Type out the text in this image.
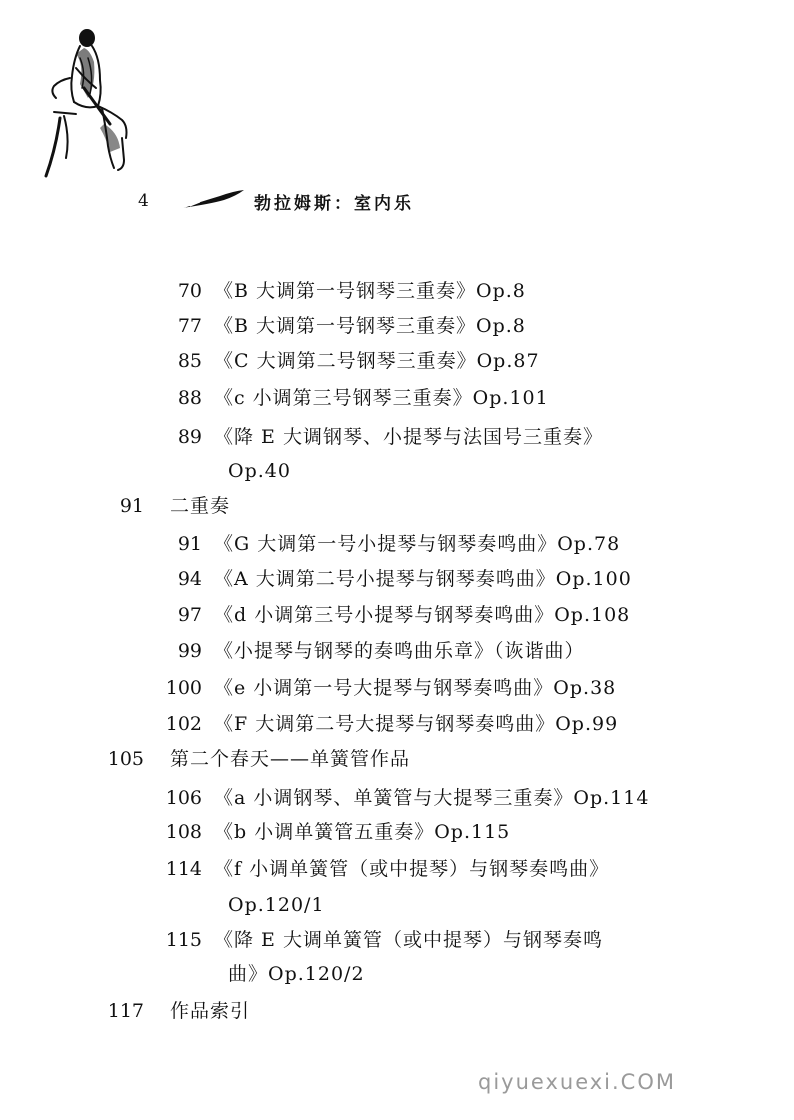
4	勃拉姆斯：室内乐
70 《B 大调第一号钢琴三重奏》Op.8
77 《B 大调第一号钢琴三重奏》Op.8
85 《C 大调第二号钢琴三重奏》Op.87
88 《c 小调第三号钢琴三重奏》Op.101
89 《降 E 大调钢琴、小提琴与法国号三重奏》
Op.40
91 二重奏
91 《G 大调第一号小提琴与钢琴奏鸣曲》Op.78
94 《A 大调第二号小提琴与钢琴奏鸣曲》Op.100
97 《d 小调第三号小提琴与钢琴奏鸣曲》Op.108
99 《小提琴与钢琴的奏鸣曲乐章》（诙谐曲）
100 《e 小调第一号大提琴与钢琴奏鸣曲》Op.38
102 《F 大调第二号大提琴与钢琴奏鸣曲》Op.99
105 第二个春天——单簧管作品
106 《a 小调钢琴、单簧管与大提琴三重奏》Op.114
108 《b 小调单簧管五重奏》Op.115
114 《f 小调单簧管（或中提琴）与钢琴奏鸣曲》
Op.120/1
115 《降 E 大调单簧管（或中提琴）与钢琴奏鸣
曲》Op.120/2
117 作品索引
qiyuexuexi.COM
